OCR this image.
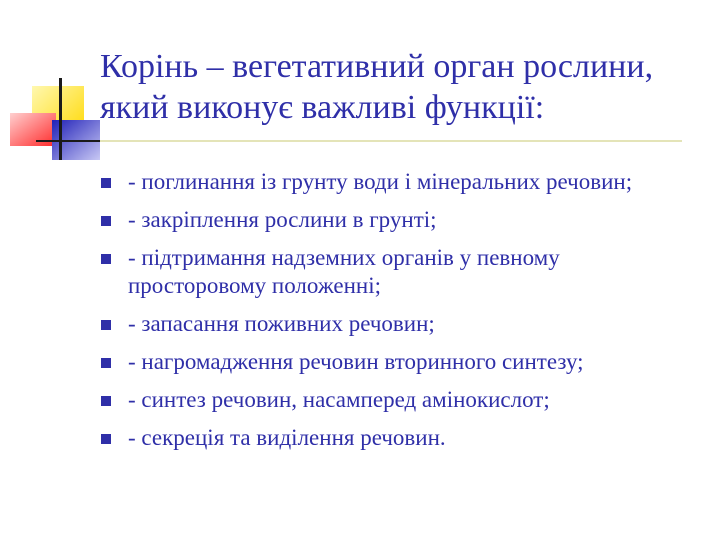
Корінь – вегетативний орган рослини, який виконує важливі функції:
- поглинання із грунту води і мінеральних речовин;
- закріплення рослини в грунті;
- підтримання надземних органів у певному просторовому положенні;
- запасання поживних речовин;
- нагромадження речовин вторинного синтезу;
- синтез речовин, насамперед амінокислот;
- секреція та виділення речовин.
